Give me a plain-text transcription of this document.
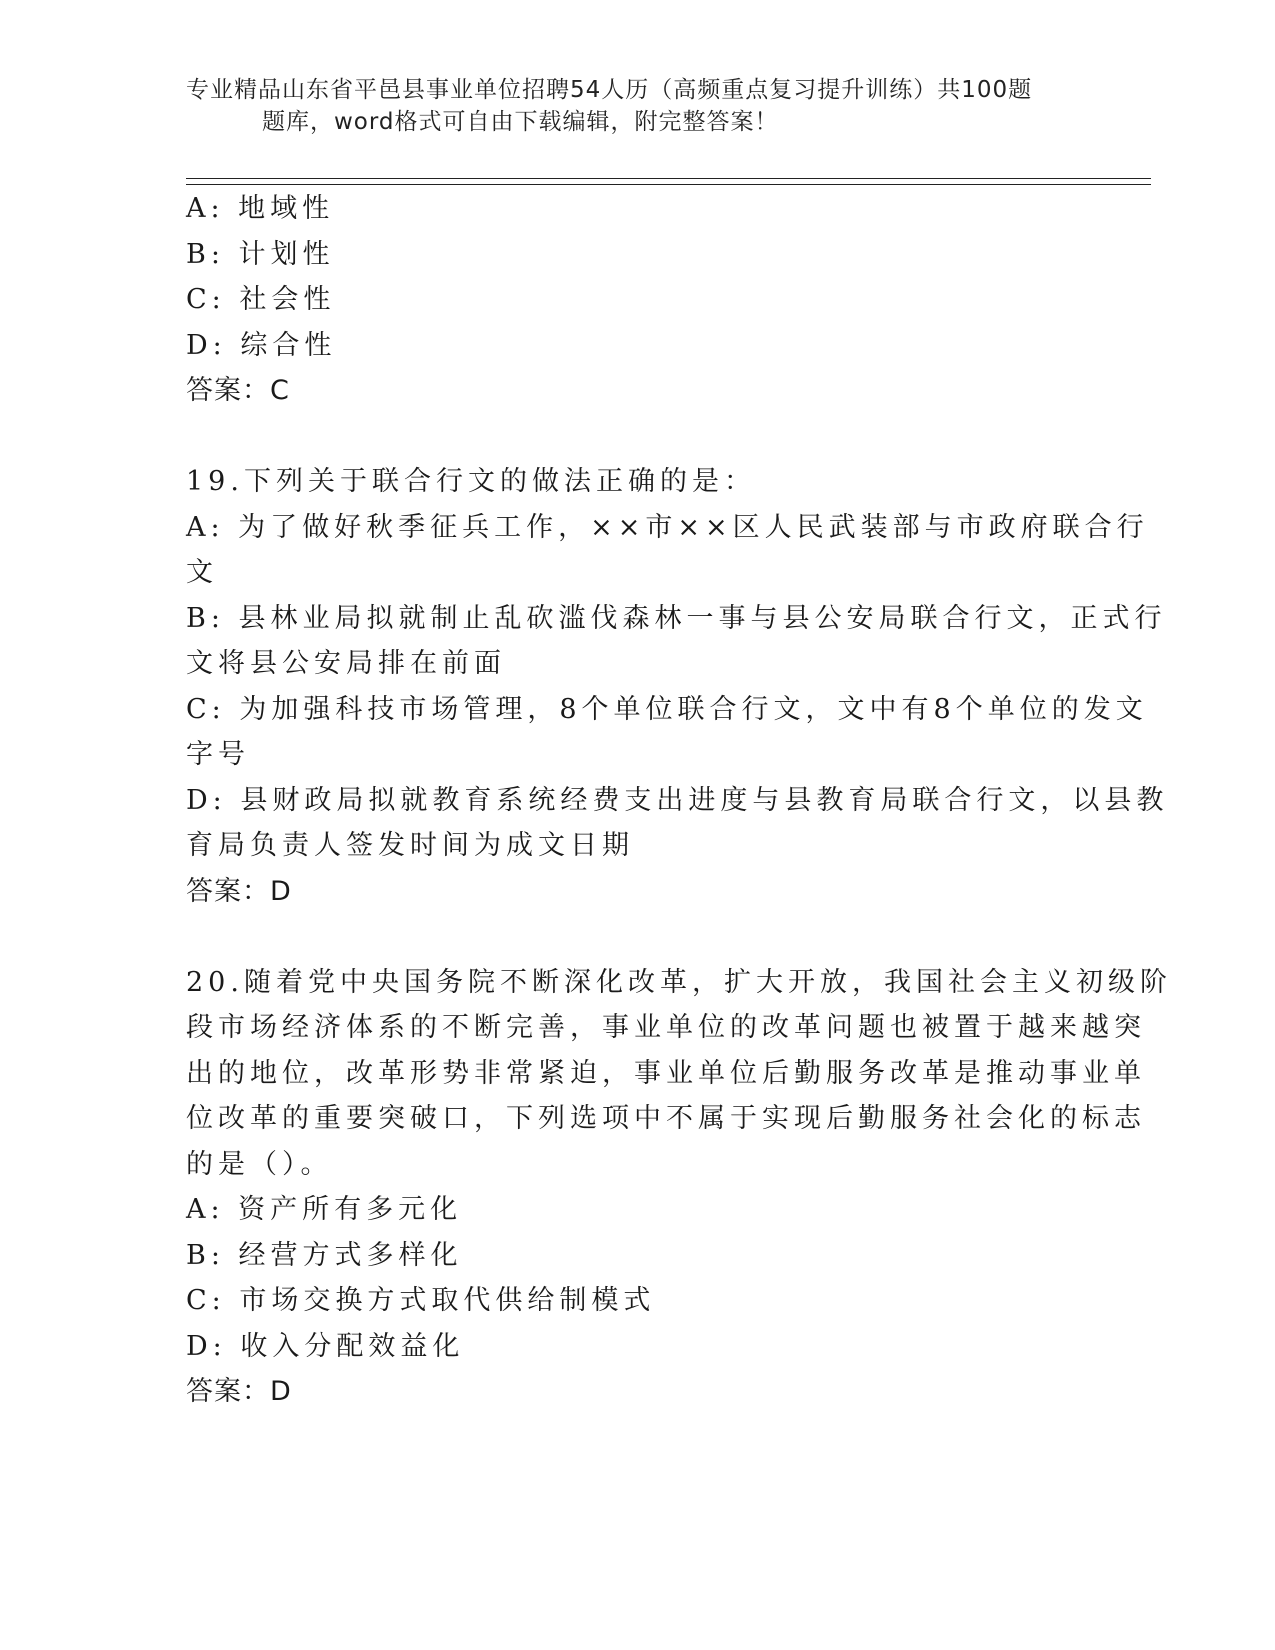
专业精品山东省平邑县事业单位招聘54人历（高频重点复习提升训练）共100题
题库，word格式可自由下载编辑，附完整答案！
A: 地域性
B: 计划性
C: 社会性
D: 综合性
答案：C
19.下列关于联合行文的做法正确的是：
A: 为了做好秋季征兵工作，××市××区人民武装部与市政府联合行
文
B: 县林业局拟就制止乱砍滥伐森林一事与县公安局联合行文，正式行
文将县公安局排在前面
C: 为加强科技市场管理，8个单位联合行文，文中有8个单位的发文
字号
D: 县财政局拟就教育系统经费支出进度与县教育局联合行文，以县教
育局负责人签发时间为成文日期
答案：D
20.随着党中央国务院不断深化改革，扩大开放，我国社会主义初级阶
段市场经济体系的不断完善，事业单位的改革问题也被置于越来越突
出的地位，改革形势非常紧迫，事业单位后勤服务改革是推动事业单
位改革的重要突破口，下列选项中不属于实现后勤服务社会化的标志
的是（）。
A: 资产所有多元化
B: 经营方式多样化
C: 市场交换方式取代供给制模式
D: 收入分配效益化
答案：D
